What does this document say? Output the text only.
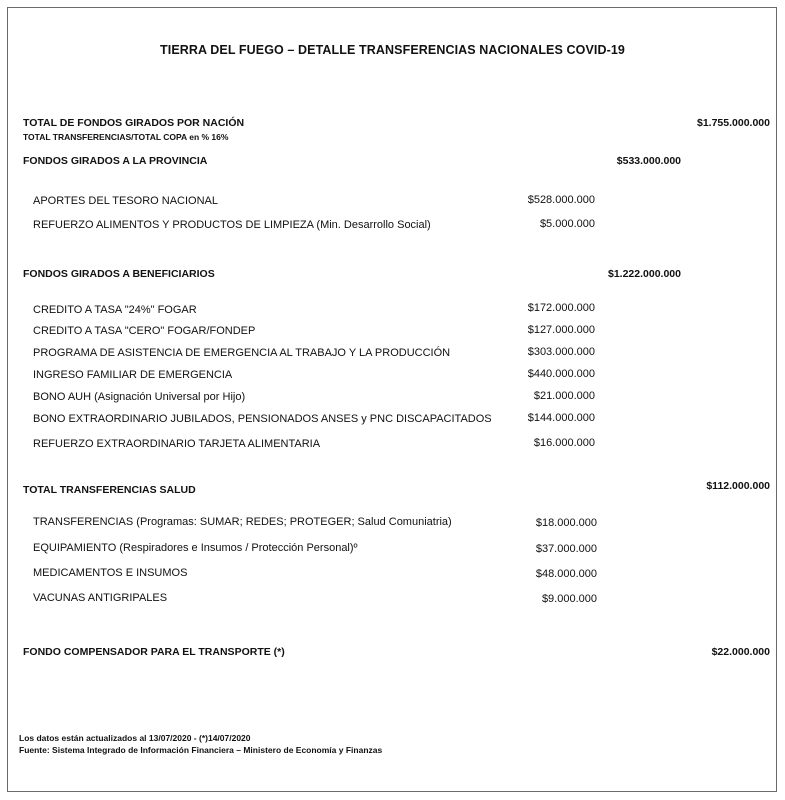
TIERRA DEL FUEGO – DETALLE TRANSFERENCIAS NACIONALES COVID-19
TOTAL DE FONDOS GIRADOS POR NACIÓN	$1.755.000.000
TOTAL TRANSFERENCIAS/TOTAL COPA en % 16%
FONDOS GIRADOS A LA PROVINCIA	$533.000.000
APORTES DEL TESORO NACIONAL	$528.000.000
REFUERZO ALIMENTOS Y PRODUCTOS DE LIMPIEZA (Min. Desarrollo Social)	$5.000.000
FONDOS GIRADOS A BENEFICIARIOS	$1.222.000.000
CREDITO A TASA "24%" FOGAR	$172.000.000
CREDITO A TASA "CERO" FOGAR/FONDEP	$127.000.000
PROGRAMA DE ASISTENCIA DE EMERGENCIA AL TRABAJO Y LA PRODUCCIÓN	$303.000.000
INGRESO FAMILIAR DE EMERGENCIA	$440.000.000
BONO AUH (Asignación Universal por Hijo)	$21.000.000
BONO EXTRAORDINARIO JUBILADOS, PENSIONADOS ANSES y PNC DISCAPACITADOS	$144.000.000
REFUERZO EXTRAORDINARIO TARJETA ALIMENTARIA	$16.000.000
TOTAL TRANSFERENCIAS SALUD	$112.000.000
TRANSFERENCIAS (Programas: SUMAR; REDES; PROTEGER; Salud Comuniatria)	$18.000.000
EQUIPAMIENTO (Respiradores e Insumos / Protección Personal)º	$37.000.000
MEDICAMENTOS E INSUMOS	$48.000.000
VACUNAS ANTIGRIPALES	$9.000.000
FONDO COMPENSADOR PARA EL TRANSPORTE (*)	$22.000.000
Los datos están actualizados al 13/07/2020 - (*)14/07/2020
Fuente: Sistema Integrado de Información Financiera – Ministero de Economía y Finanzas
